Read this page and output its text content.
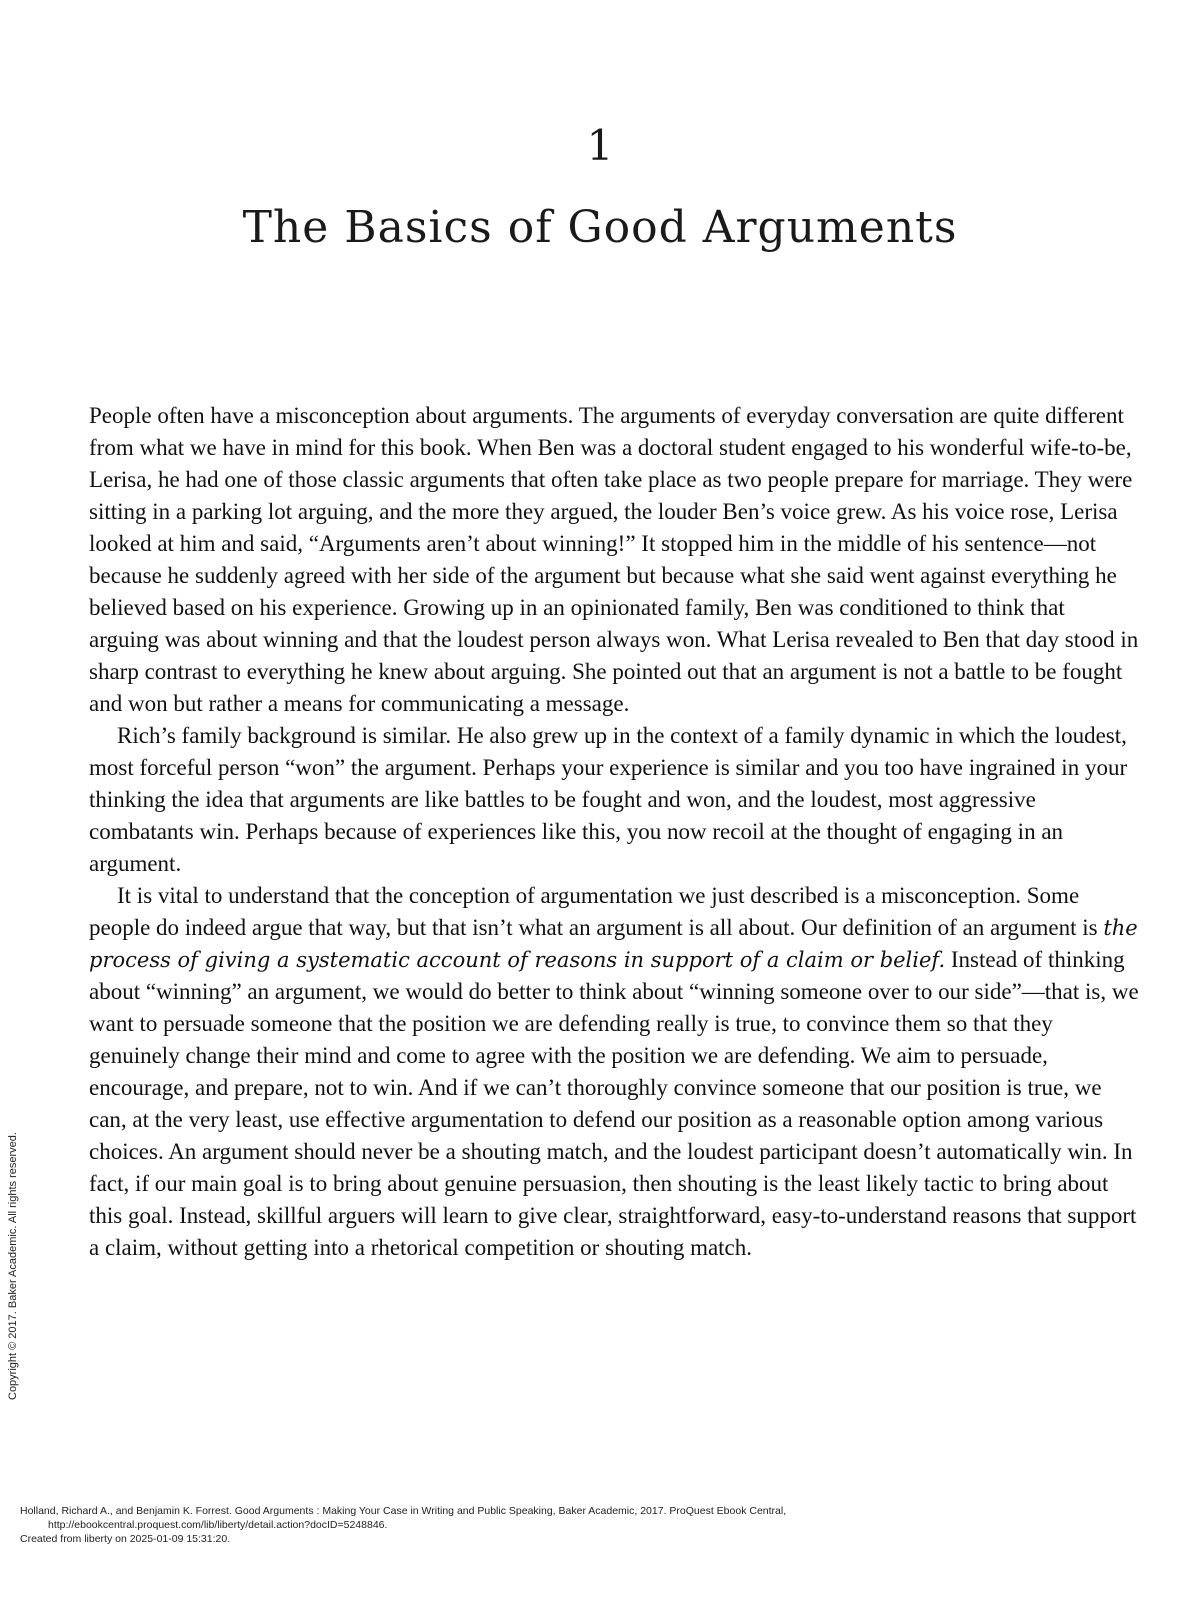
1
The Basics of Good Arguments

People often have a misconception about arguments. The arguments of everyday conversation are quite different from what we have in mind for this book. When Ben was a doctoral student engaged to his wonderful wife-to-be, Lerisa, he had one of those classic arguments that often take place as two people prepare for marriage. They were sitting in a parking lot arguing, and the more they argued, the louder Ben’s voice grew. As his voice rose, Lerisa looked at him and said, “Arguments aren’t about winning!” It stopped him in the middle of his sentence—not because he suddenly agreed with her side of the argument but because what she said went against everything he believed based on his experience. Growing up in an opinionated family, Ben was conditioned to think that arguing was about winning and that the loudest person always won. What Lerisa revealed to Ben that day stood in sharp contrast to everything he knew about arguing. She pointed out that an argument is not a battle to be fought and won but rather a means for communicating a message.

Rich’s family background is similar. He also grew up in the context of a family dynamic in which the loudest, most forceful person “won” the argument. Perhaps your experience is similar and you too have ingrained in your thinking the idea that arguments are like battles to be fought and won, and the loudest, most aggressive combatants win. Perhaps because of experiences like this, you now recoil at the thought of engaging in an argument.

It is vital to understand that the conception of argumentation we just described is a misconception. Some people do indeed argue that way, but that isn’t what an argument is all about. Our definition of an argument is the process of giving a systematic account of reasons in support of a claim or belief. Instead of thinking about “winning” an argument, we would do better to think about “winning someone over to our side”—that is, we want to persuade someone that the position we are defending really is true, to convince them so that they genuinely change their mind and come to agree with the position we are defending. We aim to persuade, encourage, and prepare, not to win. And if we can’t thoroughly convince someone that our position is true, we can, at the very least, use effective argumentation to defend our position as a reasonable option among various choices. An argument should never be a shouting match, and the loudest participant doesn’t automatically win. In fact, if our main goal is to bring about genuine persuasion, then shouting is the least likely tactic to bring about this goal. Instead, skillful arguers will learn to give clear, straightforward, easy-to-understand reasons that support a claim, without getting into a rhetorical competition or shouting match.

Copyright © 2017. Baker Academic. All rights reserved.
Holland, Richard A., and Benjamin K. Forrest. Good Arguments : Making Your Case in Writing and Public Speaking, Baker Academic, 2017. ProQuest Ebook Central,
http://ebookcentral.proquest.com/lib/liberty/detail.action?docID=5248846.
Created from liberty on 2025-01-09 15:31:20.
